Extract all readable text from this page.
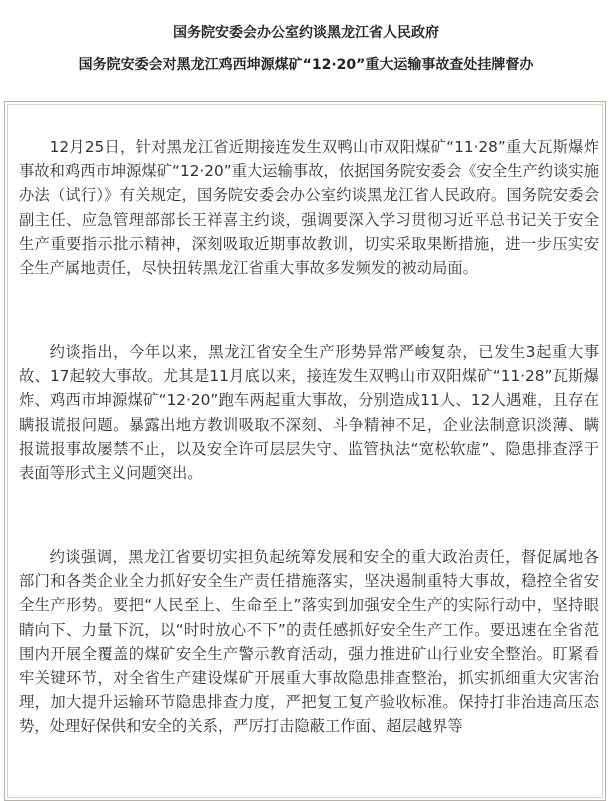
国务院安委会办公室约谈黑龙江省人民政府
国务院安委会对黑龙江鸡西坤源煤矿“12·20”重大运输事故查处挂牌督办

12月25日，针对黑龙江省近期接连发生双鸭山市双阳煤矿“11·28”重大瓦斯爆炸事故和鸡西市坤源煤矿“12·20”重大运输事故，依据国务院安委会《安全生产约谈实施办法（试行）》有关规定，国务院安委会办公室约谈黑龙江省人民政府。国务院安委会副主任、应急管理部部长王祥喜主约谈，强调要深入学习贯彻习近平总书记关于安全生产重要指示批示精神，深刻吸取近期事故教训，切实采取果断措施，进一步压实安全生产属地责任，尽快扭转黑龙江省重大事故多发频发的被动局面。

约谈指出，今年以来，黑龙江省安全生产形势异常严峻复杂，已发生3起重大事故、17起较大事故。尤其是11月底以来，接连发生双鸭山市双阳煤矿“11·28”瓦斯爆炸、鸡西市坤源煤矿“12·20”跑车两起重大事故，分别造成11人、12人遇难，且存在瞒报谎报问题。暴露出地方教训吸取不深刻、斗争精神不足，企业法制意识淡薄、瞒报谎报事故屡禁不止，以及安全许可层层失守、监管执法“宽松软虚”、隐患排查浮于表面等形式主义问题突出。

约谈强调，黑龙江省要切实担负起统筹发展和安全的重大政治责任，督促属地各部门和各类企业全力抓好安全生产责任措施落实，坚决遏制重特大事故，稳控全省安全生产形势。要把“人民至上、生命至上”落实到加强安全生产的实际行动中，坚持眼睛向下、力量下沉，以“时时放心不下”的责任感抓好安全生产工作。要迅速在全省范围内开展全覆盖的煤矿安全生产警示教育活动，强力推进矿山行业安全整治。盯紧看牢关键环节，对全省生产建设煤矿开展重大事故隐患排查整治，抓实抓细重大灾害治理，加大提升运输环节隐患排查力度，严把复工复产验收标准。保持打非治违高压态势，处理好保供和安全的关系，严厉打击隐蔽工作面、超层越界等
